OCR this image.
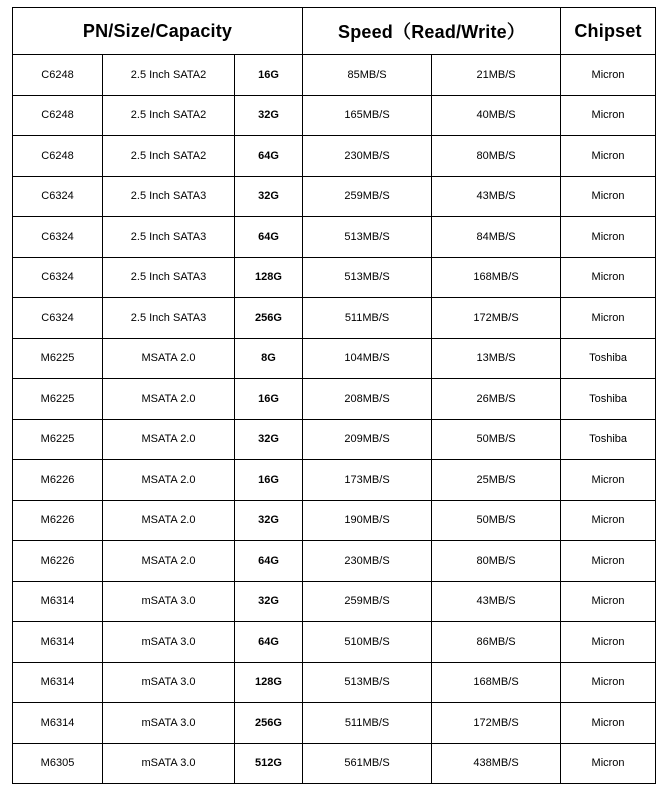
PN/Size/Capacity			Speed（Read/Write）		Chipset
C6248	2.5 Inch SATA2	16G	85MB/S	21MB/S	Micron
C6248	2.5 Inch SATA2	32G	165MB/S	40MB/S	Micron
C6248	2.5 Inch SATA2	64G	230MB/S	80MB/S	Micron
C6324	2.5 Inch SATA3	32G	259MB/S	43MB/S	Micron
C6324	2.5 Inch SATA3	64G	513MB/S	84MB/S	Micron
C6324	2.5 Inch SATA3	128G	513MB/S	168MB/S	Micron
C6324	2.5 Inch SATA3	256G	511MB/S	172MB/S	Micron
M6225	MSATA 2.0	8G	104MB/S	13MB/S	Toshiba
M6225	MSATA 2.0	16G	208MB/S	26MB/S	Toshiba
M6225	MSATA 2.0	32G	209MB/S	50MB/S	Toshiba
M6226	MSATA 2.0	16G	173MB/S	25MB/S	Micron
M6226	MSATA 2.0	32G	190MB/S	50MB/S	Micron
M6226	MSATA 2.0	64G	230MB/S	80MB/S	Micron
M6314	mSATA 3.0	32G	259MB/S	43MB/S	Micron
M6314	mSATA 3.0	64G	510MB/S	86MB/S	Micron
M6314	mSATA 3.0	128G	513MB/S	168MB/S	Micron
M6314	mSATA 3.0	256G	511MB/S	172MB/S	Micron
M6305	mSATA 3.0	512G	561MB/S	438MB/S	Micron
